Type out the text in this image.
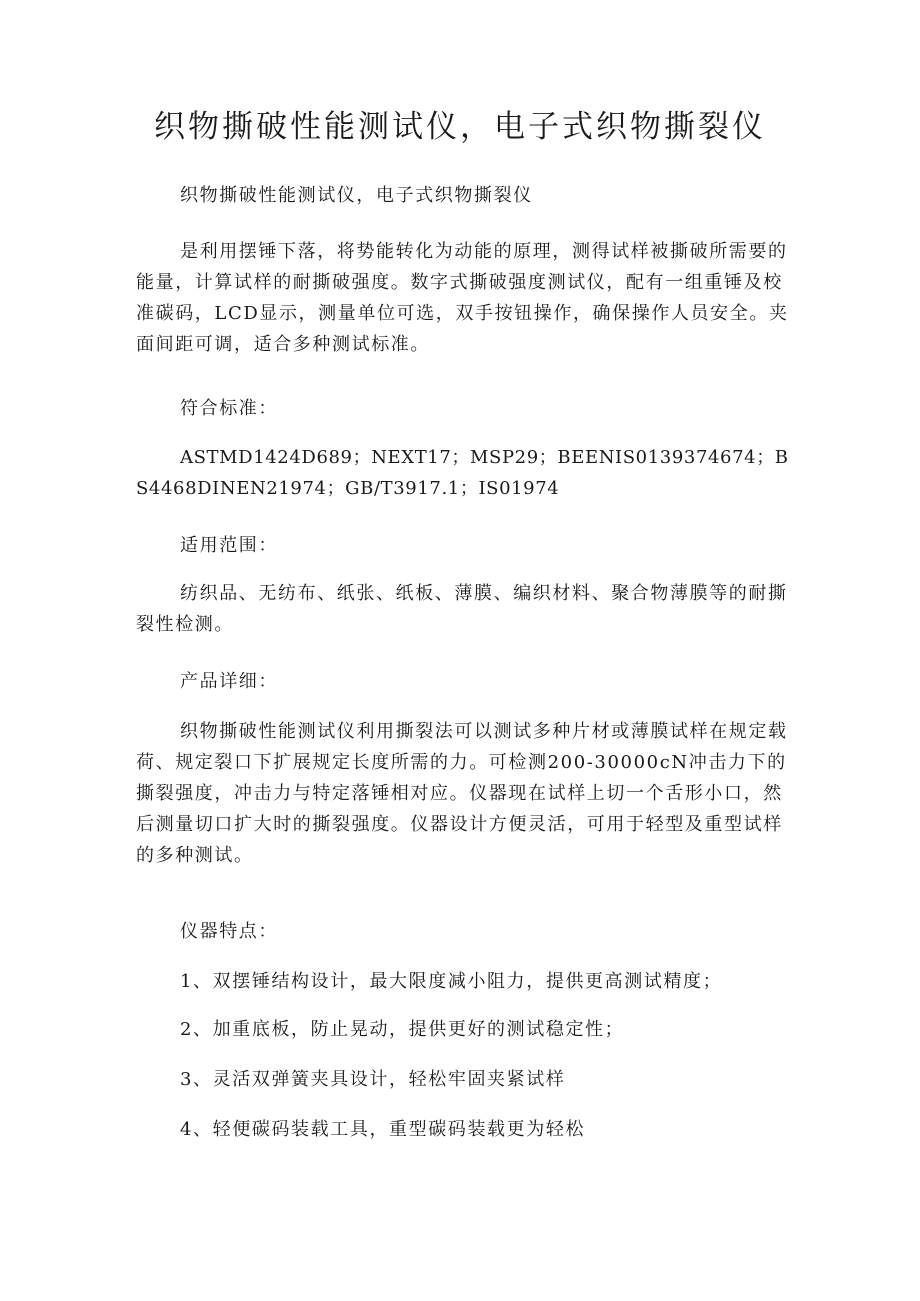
织物撕破性能测试仪，电子式织物撕裂仪

织物撕破性能测试仪，电子式织物撕裂仪

是利用摆锤下落，将势能转化为动能的原理，测得试样被撕破所需要的能量，计算试样的耐撕破强度。数字式撕破强度测试仪，配有一组重锤及校准碳码，LCD显示，测量单位可选，双手按钮操作，确保操作人员安全。夹面间距可调，适合多种测试标准。

符合标准：

ASTMD1424D689；NEXT17；MSP29；BEENIS0139374674；BS4468DINEN21974；GB/T3917.1；IS01974

适用范围：

纺织品、无纺布、纸张、纸板、薄膜、编织材料、聚合物薄膜等的耐撕裂性检测。

产品详细：

织物撕破性能测试仪利用撕裂法可以测试多种片材或薄膜试样在规定载荷、规定裂口下扩展规定长度所需的力。可检测200-30000cN冲击力下的撕裂强度，冲击力与特定落锤相对应。仪器现在试样上切一个舌形小口，然后测量切口扩大时的撕裂强度。仪器设计方便灵活，可用于轻型及重型试样的多种测试。

仪器特点：

1、双摆锤结构设计，最大限度减小阻力，提供更高测试精度；

2、加重底板，防止晃动，提供更好的测试稳定性；

3、灵活双弹簧夹具设计，轻松牢固夹紧试样

4、轻便碳码装载工具，重型碳码装载更为轻松
